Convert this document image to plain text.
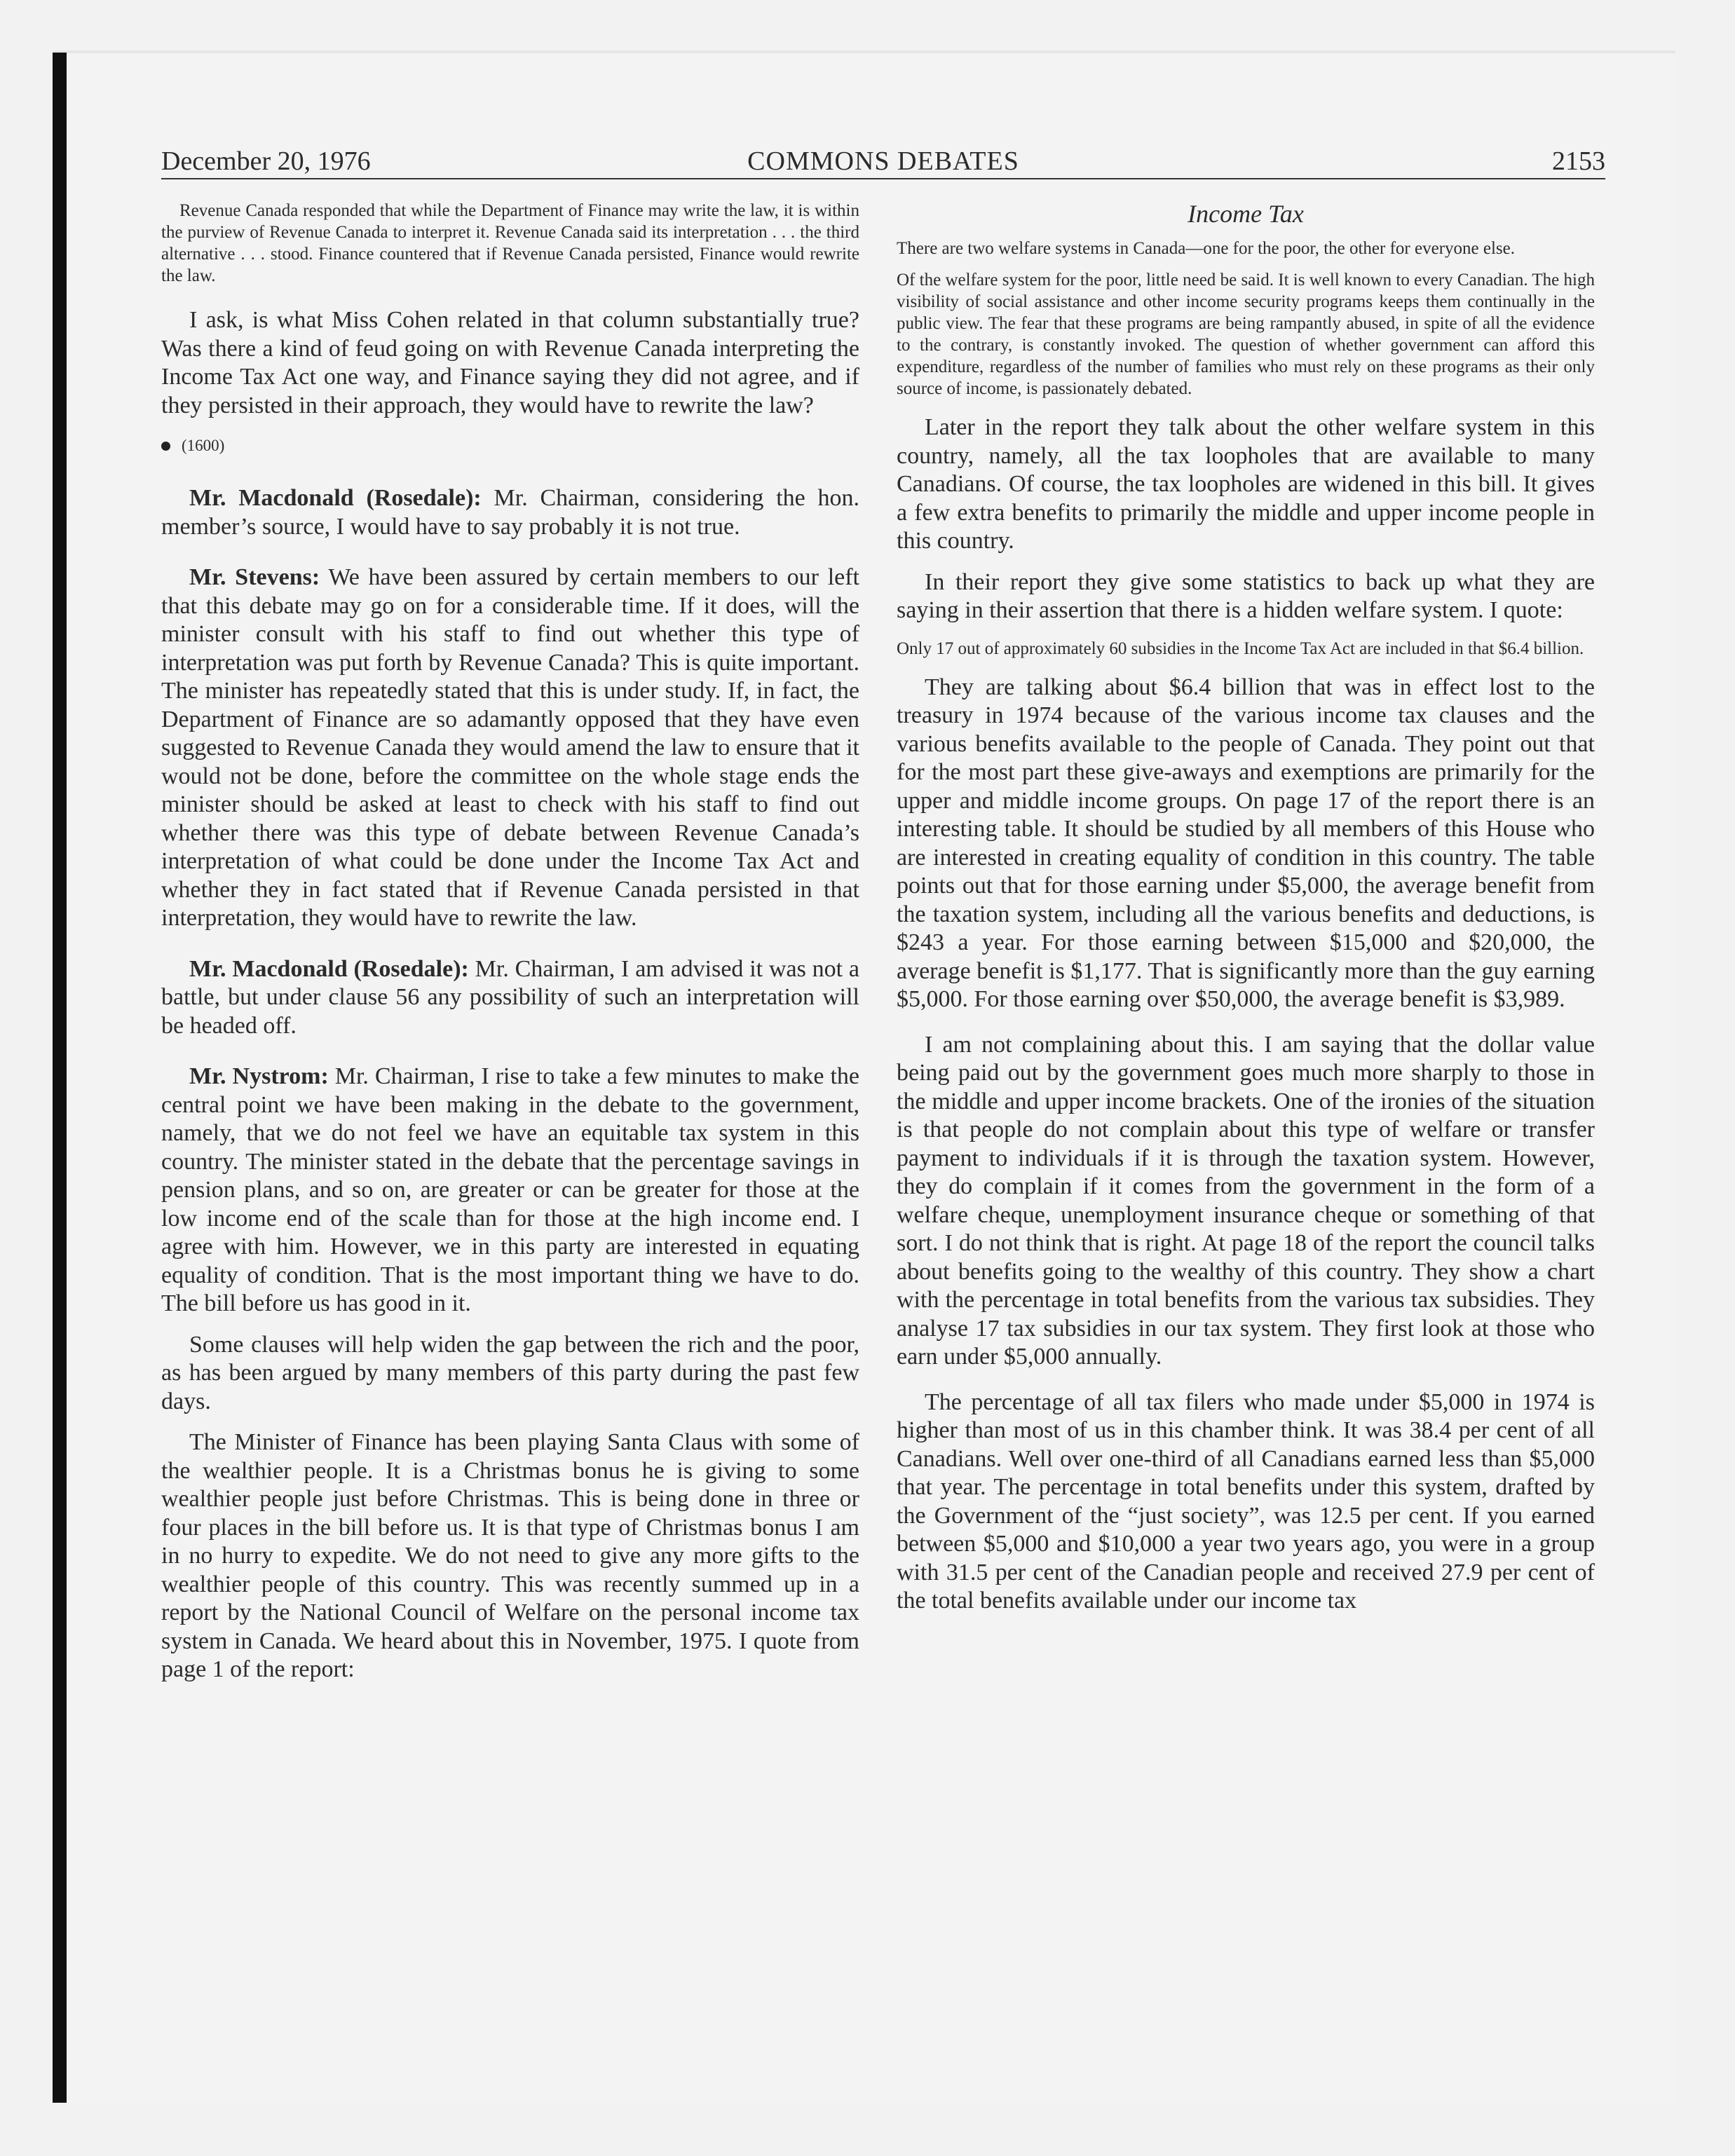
December 20, 1976	COMMONS DEBATES	2153

Revenue Canada responded that while the Department of Finance may write the law, it is within the purview of Revenue Canada to interpret it. Revenue Canada said its interpretation . . . the third alternative . . . stood. Finance countered that if Revenue Canada persisted, Finance would rewrite the law.

I ask, is what Miss Cohen related in that column substantially true? Was there a kind of feud going on with Revenue Canada interpreting the Income Tax Act one way, and Finance saying they did not agree, and if they persisted in their approach, they would have to rewrite the law?

(1600)

Mr. Macdonald (Rosedale): Mr. Chairman, considering the hon. member’s source, I would have to say probably it is not true.

Mr. Stevens: We have been assured by certain members to our left that this debate may go on for a considerable time. If it does, will the minister consult with his staff to find out whether this type of interpretation was put forth by Revenue Canada? This is quite important. The minister has repeatedly stated that this is under study. If, in fact, the Department of Finance are so adamantly opposed that they have even suggested to Revenue Canada they would amend the law to ensure that it would not be done, before the committee on the whole stage ends the minister should be asked at least to check with his staff to find out whether there was this type of debate between Revenue Canada’s interpretation of what could be done under the Income Tax Act and whether they in fact stated that if Revenue Canada persisted in that interpretation, they would have to rewrite the law.

Mr. Macdonald (Rosedale): Mr. Chairman, I am advised it was not a battle, but under clause 56 any possibility of such an interpretation will be headed off.

Mr. Nystrom: Mr. Chairman, I rise to take a few minutes to make the central point we have been making in the debate to the government, namely, that we do not feel we have an equitable tax system in this country. The minister stated in the debate that the percentage savings in pension plans, and so on, are greater or can be greater for those at the low income end of the scale than for those at the high income end. I agree with him. However, we in this party are interested in equating equality of condition. That is the most important thing we have to do. The bill before us has good in it.

Some clauses will help widen the gap between the rich and the poor, as has been argued by many members of this party during the past few days.

The Minister of Finance has been playing Santa Claus with some of the wealthier people. It is a Christmas bonus he is giving to some wealthier people just before Christmas. This is being done in three or four places in the bill before us. It is that type of Christmas bonus I am in no hurry to expedite. We do not need to give any more gifts to the wealthier people of this country. This was recently summed up in a report by the National Council of Welfare on the personal income tax system in Canada. We heard about this in November, 1975. I quote from page 1 of the report:

Income Tax

There are two welfare systems in Canada—one for the poor, the other for everyone else.

Of the welfare system for the poor, little need be said. It is well known to every Canadian. The high visibility of social assistance and other income security programs keeps them continually in the public view. The fear that these programs are being rampantly abused, in spite of all the evidence to the contrary, is constantly invoked. The question of whether government can afford this expenditure, regardless of the number of families who must rely on these programs as their only source of income, is passionately debated.

Later in the report they talk about the other welfare system in this country, namely, all the tax loopholes that are available to many Canadians. Of course, the tax loopholes are widened in this bill. It gives a few extra benefits to primarily the middle and upper income people in this country.

In their report they give some statistics to back up what they are saying in their assertion that there is a hidden welfare system. I quote:

Only 17 out of approximately 60 subsidies in the Income Tax Act are included in that $6.4 billion.

They are talking about $6.4 billion that was in effect lost to the treasury in 1974 because of the various income tax clauses and the various benefits available to the people of Canada. They point out that for the most part these give-aways and exemptions are primarily for the upper and middle income groups. On page 17 of the report there is an interesting table. It should be studied by all members of this House who are interested in creating equality of condition in this country. The table points out that for those earning under $5,000, the average benefit from the taxation system, including all the various benefits and deductions, is $243 a year. For those earning between $15,000 and $20,000, the average benefit is $1,177. That is significantly more than the guy earning $5,000. For those earning over $50,000, the average benefit is $3,989.

I am not complaining about this. I am saying that the dollar value being paid out by the government goes much more sharply to those in the middle and upper income brackets. One of the ironies of the situation is that people do not complain about this type of welfare or transfer payment to individuals if it is through the taxation system. However, they do complain if it comes from the government in the form of a welfare cheque, unemployment insurance cheque or something of that sort. I do not think that is right. At page 18 of the report the council talks about benefits going to the wealthy of this country. They show a chart with the percentage in total benefits from the various tax subsidies. They analyse 17 tax subsidies in our tax system. They first look at those who earn under $5,000 annually.

The percentage of all tax filers who made under $5,000 in 1974 is higher than most of us in this chamber think. It was 38.4 per cent of all Canadians. Well over one-third of all Canadians earned less than $5,000 that year. The percentage in total benefits under this system, drafted by the Government of the “just society”, was 12.5 per cent. If you earned between $5,000 and $10,000 a year two years ago, you were in a group with 31.5 per cent of the Canadian people and received 27.9 per cent of the total benefits available under our income tax
